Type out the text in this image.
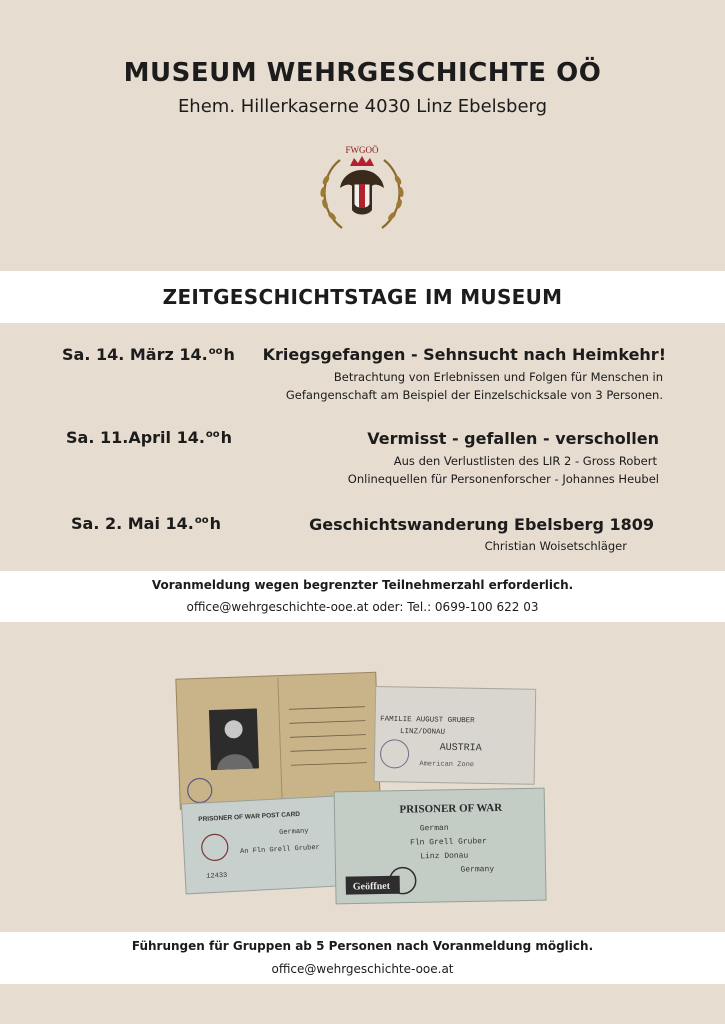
MUSEUM WEHRGESCHICHTE OÖ
Ehem. Hillerkaserne 4030 Linz Ebelsberg
FWGOÖ
ZEITGESCHICHTSTAGE IM MUSEUM
Sa. 14. März 14.$^{oo}$h Kriegsgefangen - Sehnsucht nach Heimkehr!
Betrachtung von Erlebnissen und Folgen für Menschen in
Gefangenschaft am Beispiel der Einzelschicksale von 3 Personen.
Sa. 11.April 14.$^{oo}$h	Vermisst - gefallen - verschollen
Aus den Verlustlisten des LIR 2 - Gross Robert
Onlinequellen für Personenforscher - Johannes Heubel
Sa. 2. Mai 14.$^{oo}$h	Geschichtswanderung Ebelsberg 1809
Christian Woisetschläger
Voranmeldung wegen begrenzter Teilnehmerzahl erforderlich.
office@wehrgeschichte-ooe.at oder: Tel.: 0699-100 622 03
FAMILIE AUGUST GRUBER
LINZ/DONAU
AUSTRIA
American Zone
PRISONER OF WAR POST CARD
Germany
An Fln Grell Gruber
12433
PRISONER OF WAR
German
Fln Grell Gruber
Linz Donau
Germany
Geöffnet
Führungen für Gruppen ab 5 Personen nach Voranmeldung möglich.
office@wehrgeschichte-ooe.at
